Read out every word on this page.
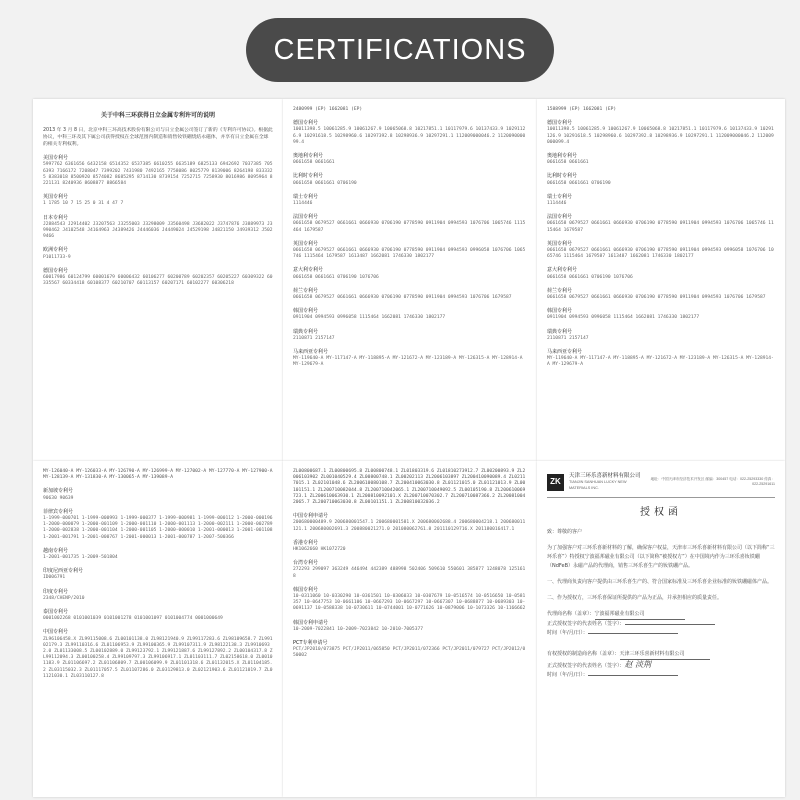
CERTIFICATIONS
关于中科三环获得日立金属专利许可的说明
2013 年 3 月 8 日，北京中科三环高技术股份有限公司与日立金属公司签订了新的《专利许可协议》。根据此协议，中科三环及其下属公司获得授权在全球范围内制造和销售钕铁硼烧结永磁体，并享有日立金属在全球的相关专利权利。
美国专利号
5997762 6361656 6432158 6514352 6537385 6610255 6635189 6825133 6942692 7037385 7056393 7166172 7208047 7399202 7431980 7492165 7758086 8025779 8139006 8264198 8333325 8383018 8500920 8574082 8685295 8714130 8739154 7252715 7258930 8016986 8095964 8221131 8240936 8608877 8866584
英国专利号
1 1785 10 7 15 25 0 31 4 47 7
日本专利号
J2884543 J2914402 J3207563 J3255003 J3298009 J3560498 J3682022 J3747876 J3889973 J3990462 J4102548 J4164963 J4389426 J4446036 J4449024 J4529198 J4821150 J4939312 J5029466
欧洲专利号
P1011733-9
德国专利号
60017986 60124799 60001679 60006432 60106277 60200789 60202357 60205227 60309322 60335567 60334418 60108377 60210707 60113157 60207171 60102277 60306218
2480999 (EP) 1662081 (EP)
德国专利号
10011398.5 10061285.9 10061267.9 10065068.8 10217851.1 10117979.6 10137433.9 10291126.9 10291618.5 10298960.6 10297392.8 10298936.9 10297291.1 112009000046.2 112009000099.4
奥地利专利号
0661658 0661661
比利时专利号
0661658 0661661 0706190
瑞士专利号
1114446
法国专利号
0661658 0679527 0661661 0666930 0706190 0778590 0911904 0994593 1076706 1065746 1115464 1679587
英国专利号
0661658 0679527 0661661 0666930 0706190 0778590 0911904 0994593 0996058 1076706 1065746 1115464 1679587 1613487 1662081 1746330 1802177
意大利专利号
0661658 0661661 0706190 1076706
荷兰专利号
0661658 0679527 0661661 0666930 0706190 0778590 0911904 0994593 1076706 1679587
韩国专利号
0911904 0994593 0996058 1115464 1662081 1746330 1802177
瑞典专利号
2110871 2157147
马来西亚专利号
MY-119640-A MY-117147-A MY-118895-A MY-121672-A MY-123189-A MY-126315-A MY-128914-A MY-129679-A
1588999 (EP) 1662081 (EP)
德国专利号
10011398.5 10061285.9 10061267.9 10065068.8 10217851.1 10117979.6 10137433.9 10291126.9 10291618.5 10298960.6 10297392.8 10298936.9 10297291.1 112009000046.2 112009000099.4
奥地利专利号
0661658 0661661
比利时专利号
0661658 0661661 0706190
瑞士专利号
1114446
法国专利号
0661658 0679527 0661661 0666930 0706190 0778590 0911904 0994593 1076706 1065746 1115464 1679587
英国专利号
0661658 0679527 0661661 0666930 0706190 0778590 0911904 0994593 0996058 1076706 1065746 1115464 1679587 1613487 1662081 1746330 1802177
意大利专利号
0661658 0661661 0706190 1076706
荷兰专利号
0661658 0679527 0661661 0666930 0706190 0778590 0911904 0994593 1076706 1679587
韩国专利号
0911904 0994593 0996058 1115464 1662081 1746330 1802177
瑞典专利号
2110871 2157147
马来西亚专利号
MY-119640-A MY-117147-A MY-118895-A MY-121672-A MY-123189-A MY-126315-A MY-128914-A MY-129679-A
MY-126040-A MY-126033-A MY-126790-A MY-126999-A MY-127002-A MY-127770-A MY-127900-A MY-128139-A MY-131830-A MY-130065-A MY-139089-A
新加坡专利号
90630 90639
菲律宾专利号
1-1999-000701 1-1999-000993 1-1999-000377 1-1999-000981 1-1999-000112 1-2000-000196 1-2000-000079 1-2000-001109 1-2000-001110 1-2000-001113 1-2000-002111 1-2000-002789 1-2000-002838 1-2000-001104 1-2000-001105 1-2000-000010 1-2001-000013 1-2001-001108 1-2001-001791 1-2001-000767 1-2001-000013 1-2001-000787 1-2007-500366
越南专利号
1-2001-001735 1-2009-501804
印度尼西亚专利号
ID006791
印度专利号
2348/CHENP/2010
泰国专利号
0001002268 0101001039 0101001278 0101001097 0101004774 0001000649
中国专利号
ZL96106458.X ZL99115008.6 ZL00101138.0 ZL98121940.9 ZL99117283.6 ZL98109658.7 ZL99102179.3 ZL99110316.6 ZL01106953.9 ZL99100365.9 ZL99107311.9 ZL98122138.3 ZL99106932.0 ZL01133008.5 ZL00102889.0 ZL99123792.1 ZL99121887.6 ZL99127892.2 ZL00104317.8 ZL99112094.3 ZL00100258.4 ZL99109797.3 ZL99106917.1 ZL01103111.7 ZL02158618.0 ZL00101183.9 ZL01106697.2 ZL01106809.7 ZL00106099.9 ZL01101318.6 ZL01132015.X ZL01104185.2 ZL03115032.3 ZL01117057.5 ZL01107286.0 ZL03129813.0 ZL02121903.6 ZL01121019.7 ZL01121030.1 ZL03110127.8
ZL00800687.1 ZL00800695.8 ZL00800748.1 ZL01803319.6 ZL01810273912.7 ZL00200893.9 ZL2006103902 ZL001040529.4 ZL00800748.1 ZL00202113 ZL2006103897 ZL200410090089.4 ZL02117015.1 ZL02101048.6 ZL200610080108.7 ZL200410063030.8 ZL01121015.0 ZL01121013.9 ZL00101151.1 ZL200710082044.8 ZL200710042065.1 ZL200710049092.5 ZL00105190.8 ZL200610069723.1 ZL200610063930.1 ZL200810092101.X ZL200710070302.7 ZL200710087366.2 ZL200810042065.7 ZL200710063030.8 ZL00101151.1 ZL200810032036.2
中国专利申请号
200680000489.9 200680001547.1 200680001581.X 200680002688.4 200680004218.1 200680011121.1 200680002691.3 200880021271.0 201080062761.8 201110129716.X 201180016417.1
香港专利号
HK1062660 HK1072720
台湾专利号
272293 299097 363249 446494 442389 488998 502406 509610 550601 385877 1248078 1251618
韩国专利号
10-0311060 10-0330290 10-0361501 10-0306033 10-0307679 10-0516574 10-0516650 10-0581357 10-0647753 10-0661106 10-0667293 10-0667297 10-0667307 10-0688877 10-0689303 10-0691137 10-0588338 10-0730611 10-0744001 10-0771626 10-0879006 10-1073326 10-1166662
韩国专利申请号
10-2009-7022841 10-2009-7023842 10-2010-7005377
PCT专利申请号
PCT/JP2010/073875 PCT/JP2011/065850 PCT/JP2011/072366 PCT/JP2011/079727 PCT/JP2012/050002
ZK
天津三环乐喜新材料有限公司
TIANJIN SANHUAN LUCKY NEW MATERIALS INC.
地址：中国天津市经济技术开发区 邮编：300457 电话：022-25293330 传真：022-25291611
授权函
致：尊敬的客户
为了加强客户对三环乐喜新材料的了解，确保客户权益，天津市三环乐喜新材料有限公司（以下简称“三环乐喜”）特授权宁波福邦磁业有限公司（以下简称“被授权方”）在中国境内作为三环乐喜钕铁硼（NdFeB）永磁产品的代理商，销售三环乐喜生产的钕铁硼产品。
一、代理商负责向客户提供由三环乐喜生产的、符合国家标准及三环乐喜企业标准的钕铁硼磁体产品。
二、作为授权方，三环乐喜保证所提供的产品为正品，并承担相应的质量责任。
代理商名称（盖章）：宁波福邦磁业有限公司
正式授权签字的代表姓名（签字）：
时间（年/月/日）：
有权授权的制造商名称（盖章）：天津三环乐喜新材料有限公司
正式授权签字的代表姓名（签字）：赵 淡荆
时间（年/月/日）：
